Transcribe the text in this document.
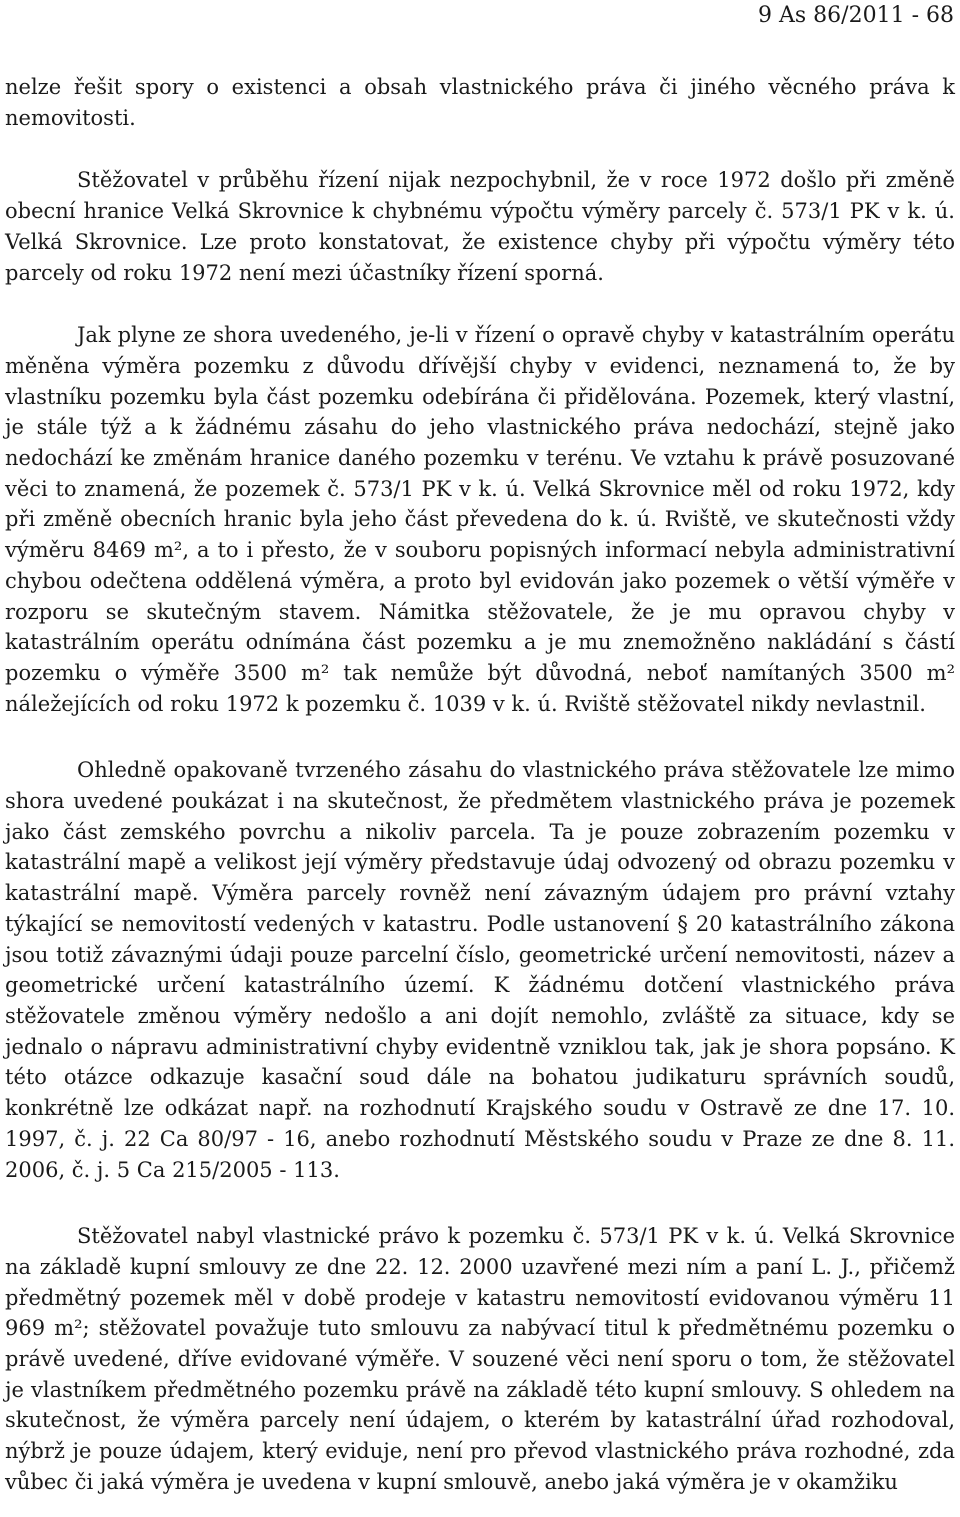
9 As 86/2011 - 68

nelze řešit spory o existenci a obsah vlastnického práva či jiného věcného práva k nemovitosti.

Stěžovatel v průběhu řízení nijak nezpochybnil, že v roce 1972 došlo při změně obecní hranice Velká Skrovnice k chybnému výpočtu výměry parcely č. 573/1 PK v k. ú. Velká Skrovnice. Lze proto konstatovat, že existence chyby při výpočtu výměry této parcely od roku 1972 není mezi účastníky řízení sporná.

Jak plyne ze shora uvedeného, je-li v řízení o opravě chyby v katastrálním operátu měněna výměra pozemku z důvodu dřívější chyby v evidenci, neznamená to, že by vlastníku pozemku byla část pozemku odebírána či přidělována. Pozemek, který vlastní, je stále týž a k žádnému zásahu do jeho vlastnického práva nedochází, stejně jako nedochází ke změnám hranice daného pozemku v terénu. Ve vztahu k právě posuzované věci to znamená, že pozemek č. 573/1 PK v k. ú. Velká Skrovnice měl od roku 1972, kdy při změně obecních hranic byla jeho část převedena do k. ú. Rviště, ve skutečnosti vždy výměru 8469 m², a to i přesto, že v souboru popisných informací nebyla administrativní chybou odečtena oddělená výměra, a proto byl evidován jako pozemek o větší výměře v rozporu se skutečným stavem. Námitka stěžovatele, že je mu opravou chyby v katastrálním operátu odnímána část pozemku a je mu znemožněno nakládání s částí pozemku o výměře 3500 m² tak nemůže být důvodná, neboť namítaných 3500 m² náležejících od roku 1972 k pozemku č. 1039 v k. ú. Rviště stěžovatel nikdy nevlastnil.

Ohledně opakovaně tvrzeného zásahu do vlastnického práva stěžovatele lze mimo shora uvedené poukázat i na skutečnost, že předmětem vlastnického práva je pozemek jako část zemského povrchu a nikoliv parcela. Ta je pouze zobrazením pozemku v katastrální mapě a velikost její výměry představuje údaj odvozený od obrazu pozemku v katastrální mapě. Výměra parcely rovněž není závazným údajem pro právní vztahy týkající se nemovitostí vedených v katastru. Podle ustanovení § 20 katastrálního zákona jsou totiž závaznými údaji pouze parcelní číslo, geometrické určení nemovitosti, název a geometrické určení katastrálního území. K žádnému dotčení vlastnického práva stěžovatele změnou výměry nedošlo a ani dojít nemohlo, zvláště za situace, kdy se jednalo o nápravu administrativní chyby evidentně vzniklou tak, jak je shora popsáno. K této otázce odkazuje kasační soud dále na bohatou judikaturu správních soudů, konkrétně lze odkázat např. na rozhodnutí Krajského soudu v Ostravě ze dne 17. 10. 1997, č. j. 22 Ca 80/97 - 16, anebo rozhodnutí Městského soudu v Praze ze dne 8. 11. 2006, č. j. 5 Ca 215/2005 - 113.

Stěžovatel nabyl vlastnické právo k pozemku č. 573/1 PK v k. ú. Velká Skrovnice na základě kupní smlouvy ze dne 22. 12. 2000 uzavřené mezi ním a paní L. J., přičemž předmětný pozemek měl v době prodeje v katastru nemovitostí evidovanou výměru 11 969 m²; stěžovatel považuje tuto smlouvu za nabývací titul k předmětnému pozemku o právě uvedené, dříve evidované výměře. V souzené věci není sporu o tom, že stěžovatel je vlastníkem předmětného pozemku právě na základě této kupní smlouvy. S ohledem na skutečnost, že výměra parcely není údajem, o kterém by katastrální úřad rozhodoval, nýbrž je pouze údajem, který eviduje, není pro převod vlastnického práva rozhodné, zda vůbec či jaká výměra je uvedena v kupní smlouvě, anebo jaká výměra je v okamžiku
